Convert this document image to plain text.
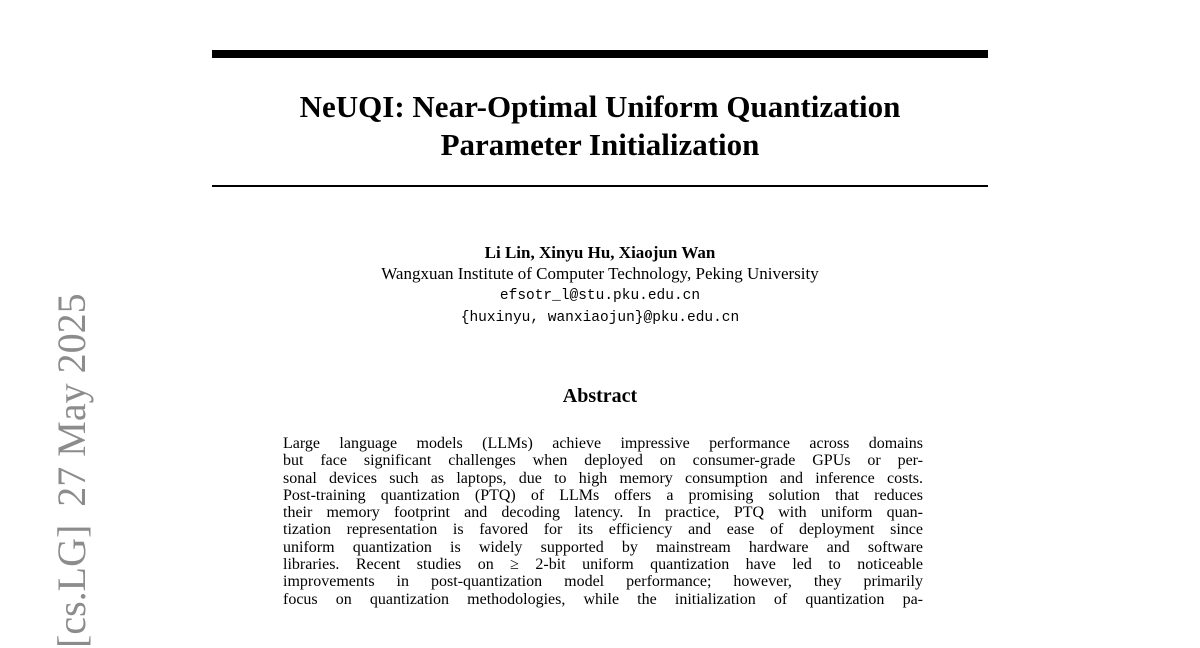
NeUQI: Near-Optimal Uniform Quantization
Parameter Initialization
Li Lin, Xinyu Hu, Xiaojun Wan
Wangxuan Institute of Computer Technology, Peking University
efsotr_l@stu.pku.edu.cn
{huxinyu, wanxiaojun}@pku.edu.cn
Abstract
Large language models (LLMs) achieve impressive performance across domains
but face significant challenges when deployed on consumer-grade GPUs or per-
sonal devices such as laptops, due to high memory consumption and inference costs.
Post-training quantization (PTQ) of LLMs offers a promising solution that reduces
their memory footprint and decoding latency. In practice, PTQ with uniform quan-
tization representation is favored for its efficiency and ease of deployment since
uniform quantization is widely supported by mainstream hardware and software
libraries. Recent studies on ≥ 2-bit uniform quantization have led to noticeable
improvements in post-quantization model performance; however, they primarily
focus on quantization methodologies, while the initialization of quantization pa-
[cs.LG]27 May 2025
